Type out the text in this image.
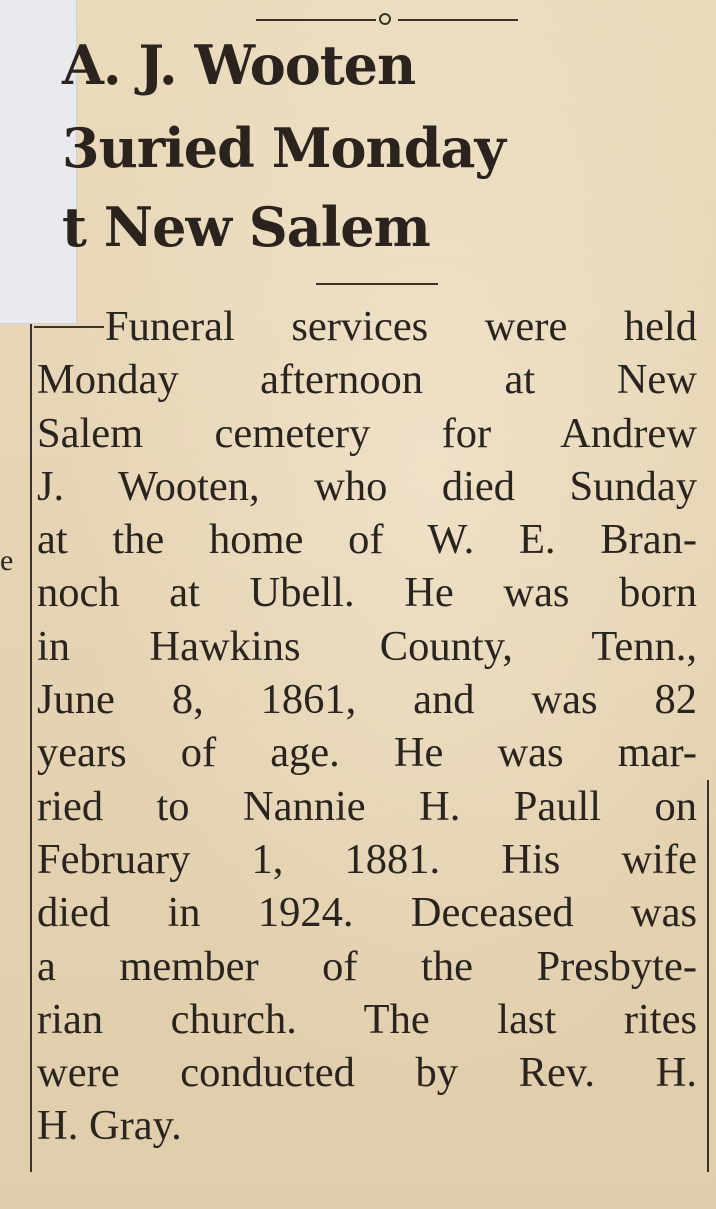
A. J. Wooten
3uried Monday
t New Salem
e
Funeral services were held
Monday afternoon at New
Salem cemetery for Andrew
J. Wooten, who died Sunday
at the home of W. E. Bran-
noch at Ubell. He was born
in Hawkins County, Tenn.,
June 8, 1861, and was 82
years of age. He was mar-
ried to Nannie H. Paull on
February 1, 1881. His wife
died in 1924. Deceased was
a member of the Presbyte-
rian church. The last rites
were conducted by Rev. H.
H. Gray.
